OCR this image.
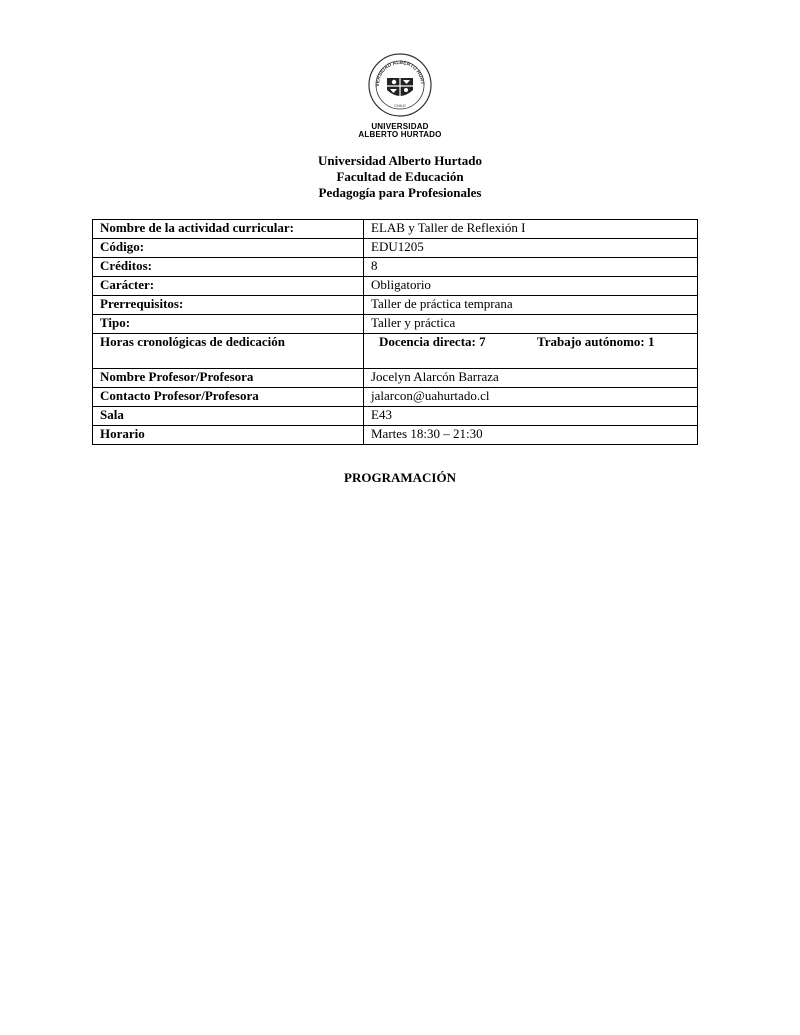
VERSIDAD ALBERTO HURT
CHILE
UNIVERSIDAD
ALBERTO HURTADO
Universidad Alberto Hurtado
Facultad de Educación
Pedagogía para Profesionales
Nombre de la actividad curricular:	ELAB y Taller de Reflexión I
Código:	EDU1205
Créditos:	8
Carácter:	Obligatorio
Prerrequisitos:	Taller de práctica temprana
Tipo:	Taller y práctica
Horas cronológicas de dedicación	Docencia directa: 7 Trabajo autónomo: 1

Nombre Profesor/Profesora	Jocelyn Alarcón Barraza
Contacto Profesor/Profesora	jalarcon@uahurtado.cl
Sala	E43
Horario	Martes 18:30 – 21:30
PROGRAMACIÓN
